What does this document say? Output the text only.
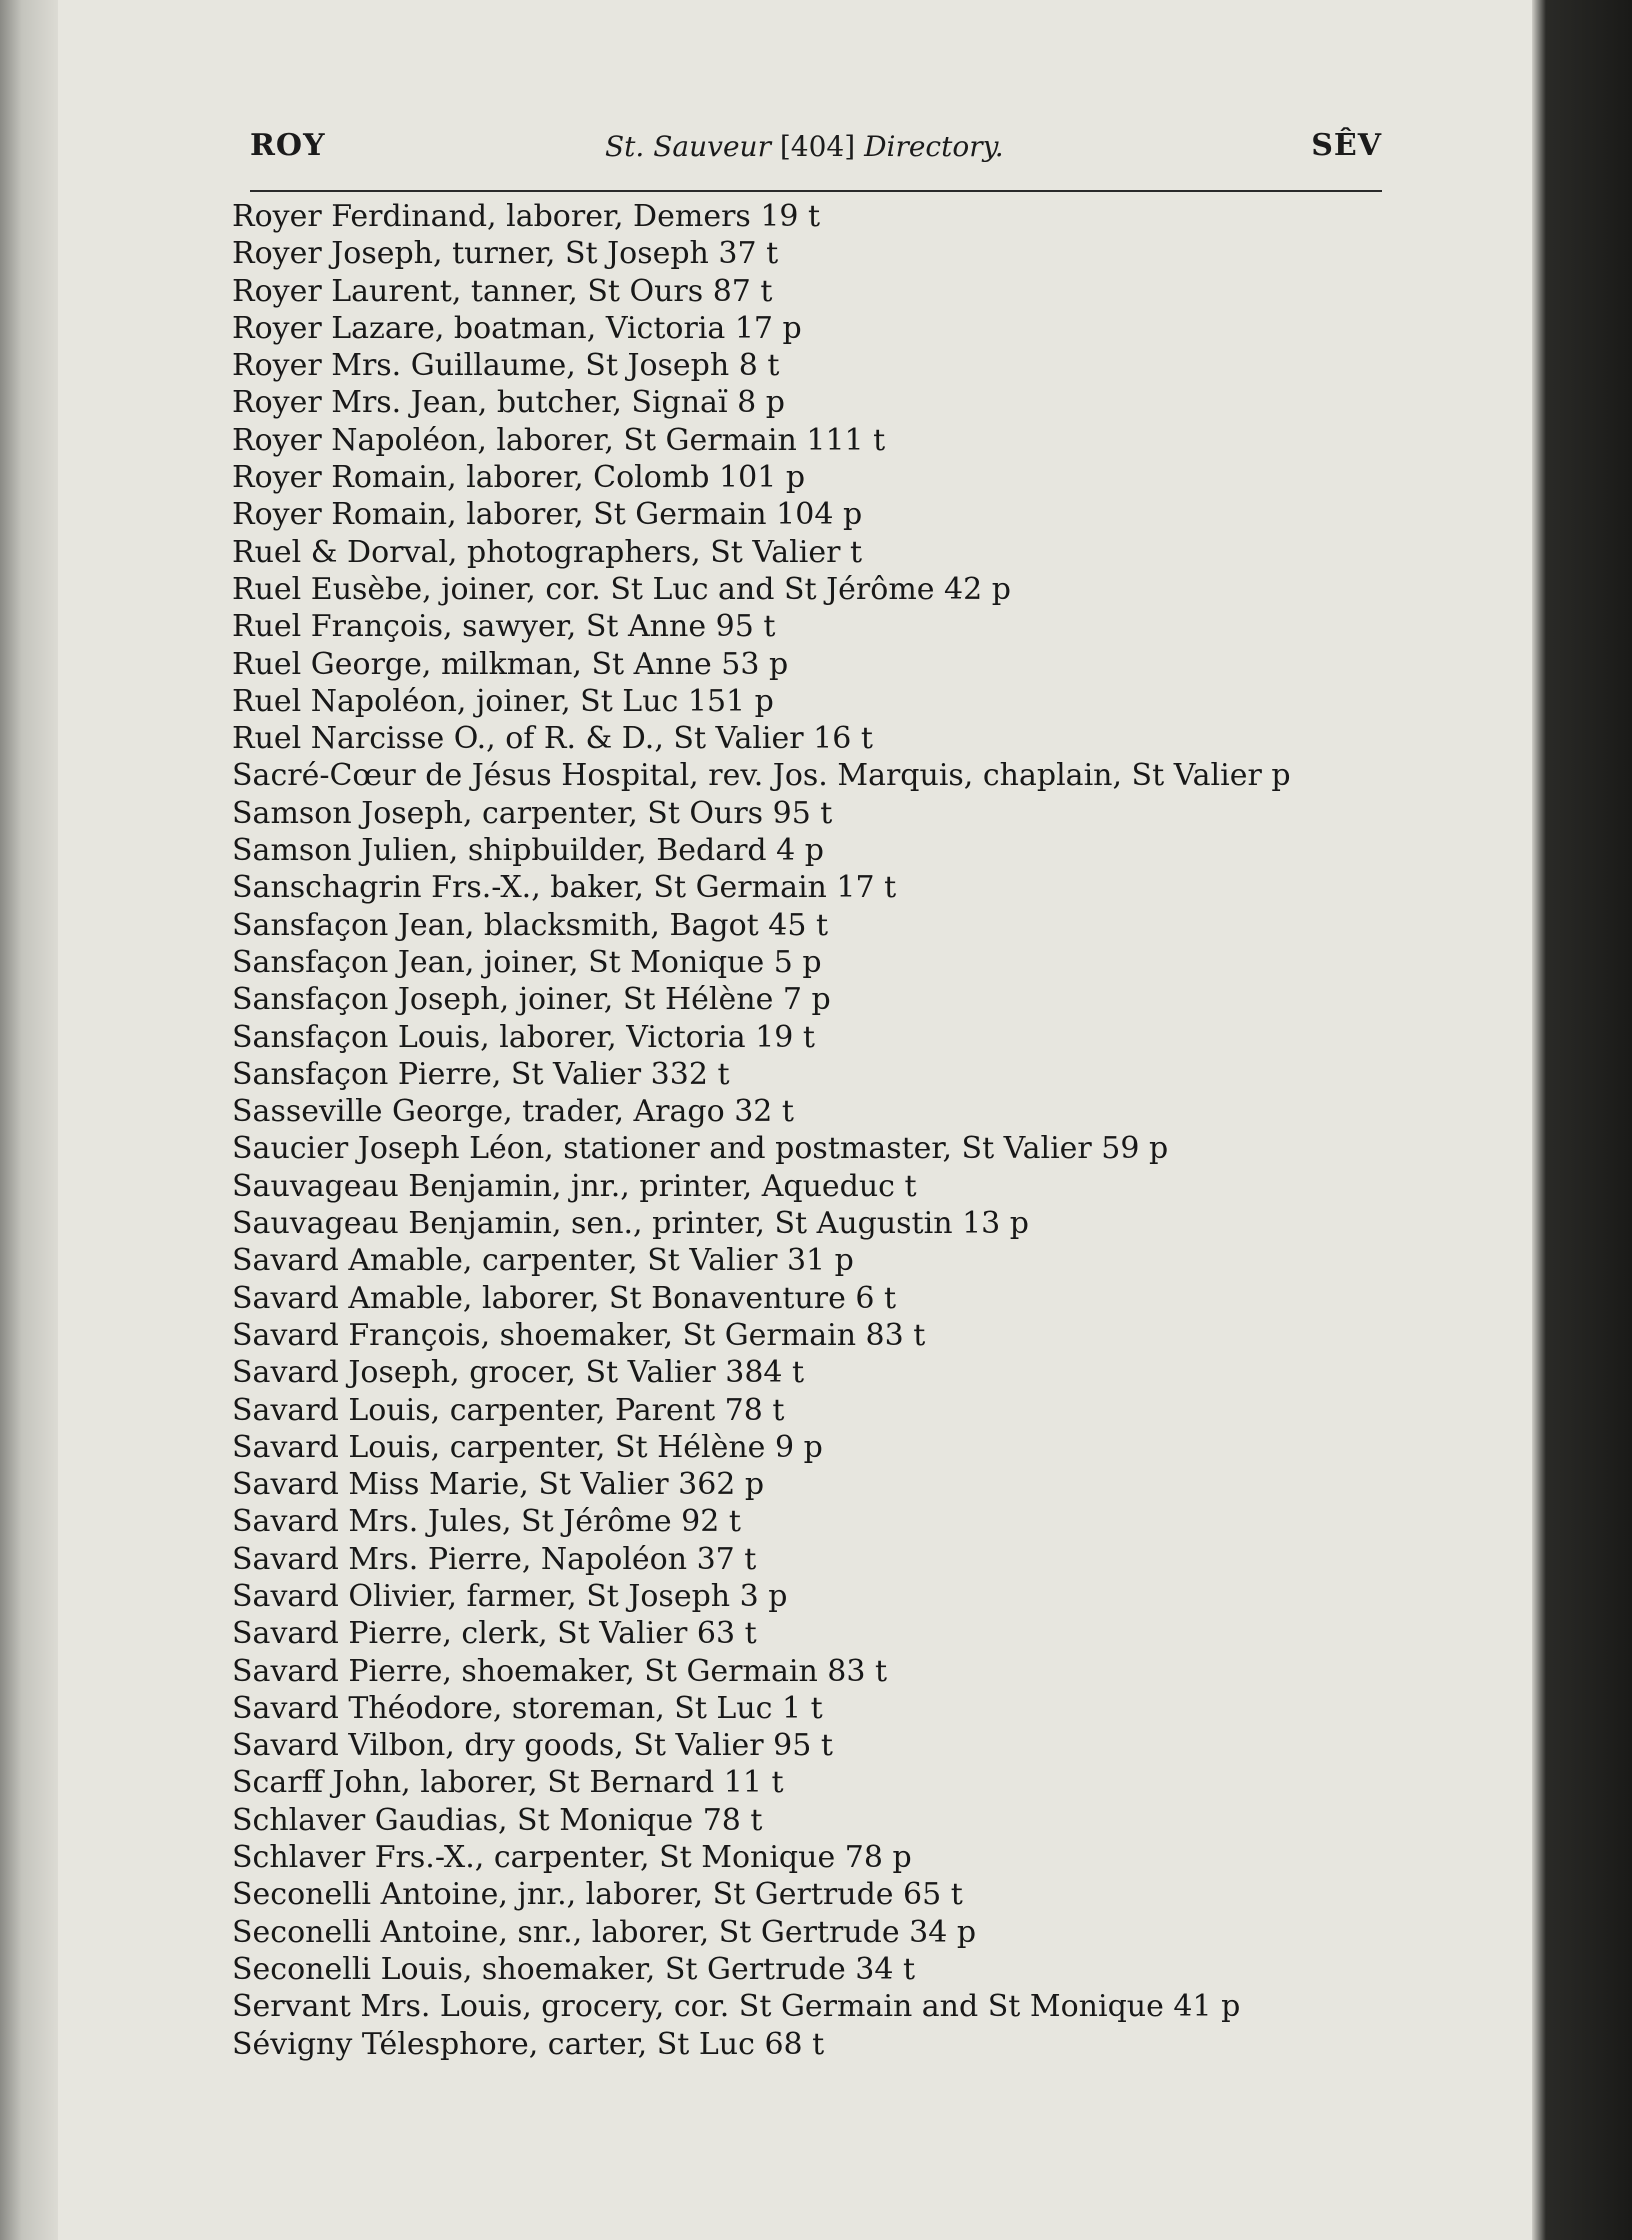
ROY	St. Sauveur [404] Directory.	SÊV
Royer Ferdinand, laborer, Demers 19 t
Royer Joseph, turner, St Joseph 37 t
Royer Laurent, tanner, St Ours 87 t
Royer Lazare, boatman, Victoria 17 p
Royer Mrs. Guillaume, St Joseph 8 t
Royer Mrs. Jean, butcher, Signaï 8 p
Royer Napoléon, laborer, St Germain 111 t
Royer Romain, laborer, Colomb 101 p
Royer Romain, laborer, St Germain 104 p
Ruel & Dorval, photographers, St Valier t
Ruel Eusèbe, joiner, cor. St Luc and St Jérôme 42 p
Ruel François, sawyer, St Anne 95 t
Ruel George, milkman, St Anne 53 p
Ruel Napoléon, joiner, St Luc 151 p
Ruel Narcisse O., of R. & D., St Valier 16 t
Sacré-Cœur de Jésus Hospital, rev. Jos. Marquis, chaplain, St Valier p
Samson Joseph, carpenter, St Ours 95 t
Samson Julien, shipbuilder, Bedard 4 p
Sanschagrin Frs.-X., baker, St Germain 17 t
Sansfaçon Jean, blacksmith, Bagot 45 t
Sansfaçon Jean, joiner, St Monique 5 p
Sansfaçon Joseph, joiner, St Hélène 7 p
Sansfaçon Louis, laborer, Victoria 19 t
Sansfaçon Pierre, St Valier 332 t
Sasseville George, trader, Arago 32 t
Saucier Joseph Léon, stationer and postmaster, St Valier 59 p
Sauvageau Benjamin, jnr., printer, Aqueduc t
Sauvageau Benjamin, sen., printer, St Augustin 13 p
Savard Amable, carpenter, St Valier 31 p
Savard Amable, laborer, St Bonaventure 6 t
Savard François, shoemaker, St Germain 83 t
Savard Joseph, grocer, St Valier 384 t
Savard Louis, carpenter, Parent 78 t
Savard Louis, carpenter, St Hélène 9 p
Savard Miss Marie, St Valier 362 p
Savard Mrs. Jules, St Jérôme 92 t
Savard Mrs. Pierre, Napoléon 37 t
Savard Olivier, farmer, St Joseph 3 p
Savard Pierre, clerk, St Valier 63 t
Savard Pierre, shoemaker, St Germain 83 t
Savard Théodore, storeman, St Luc 1 t
Savard Vilbon, dry goods, St Valier 95 t
Scarff John, laborer, St Bernard 11 t
Schlaver Gaudias, St Monique 78 t
Schlaver Frs.-X., carpenter, St Monique 78 p
Seconelli Antoine, jnr., laborer, St Gertrude 65 t
Seconelli Antoine, snr., laborer, St Gertrude 34 p
Seconelli Louis, shoemaker, St Gertrude 34 t
Servant Mrs. Louis, grocery, cor. St Germain and St Monique 41 p
Sévigny Télesphore, carter, St Luc 68 t
